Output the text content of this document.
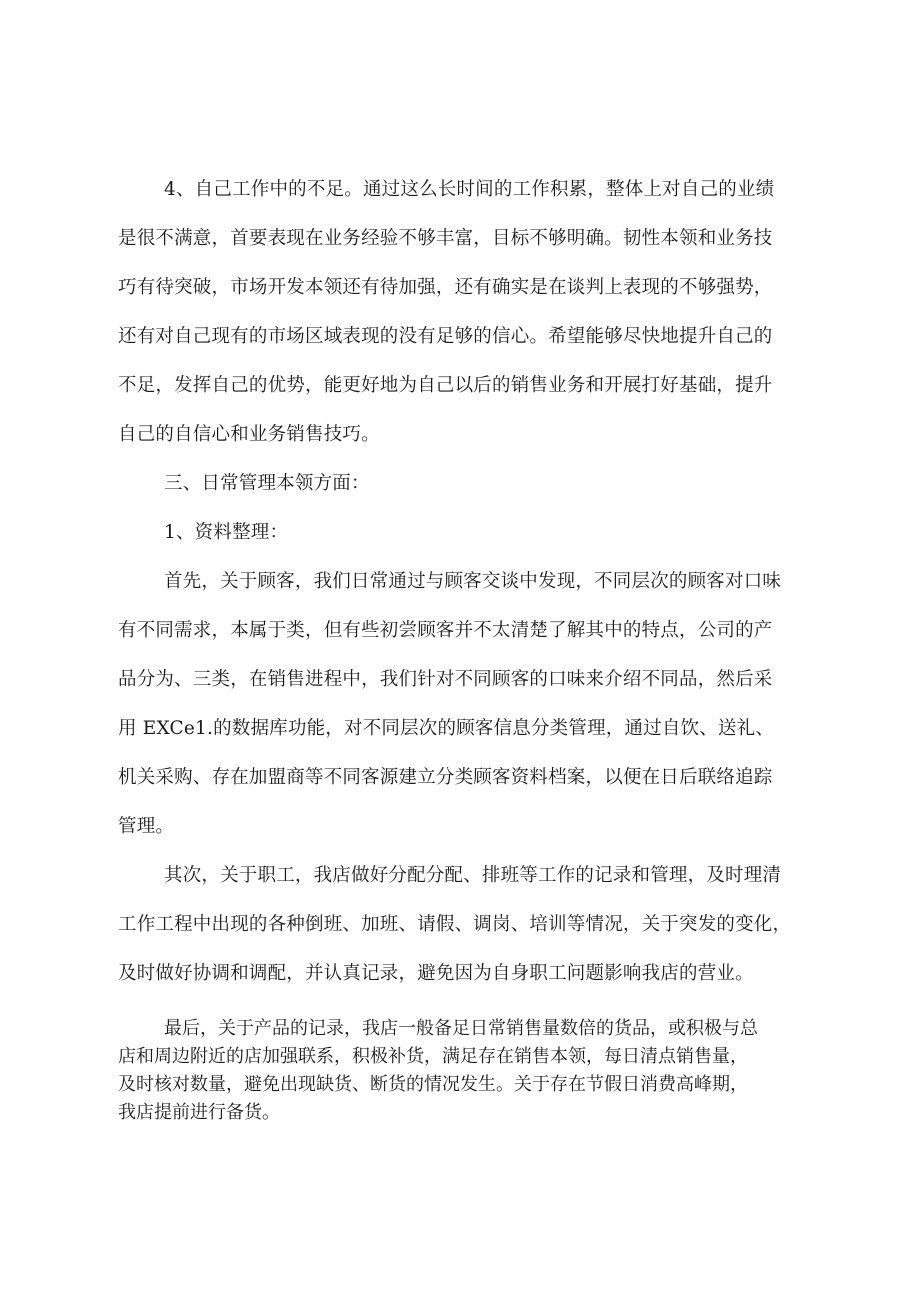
4、自己工作中的不足。通过这么长时间的工作积累，整体上对自己的业绩

是很不满意，首要表现在业务经验不够丰富，目标不够明确。韧性本领和业务技

巧有待突破，市场开发本领还有待加强，还有确实是在谈判上表现的不够强势，

还有对自己现有的市场区域表现的没有足够的信心。希望能够尽快地提升自己的

不足，发挥自己的优势，能更好地为自己以后的销售业务和开展打好基础，提升

自己的自信心和业务销售技巧。

三、日常管理本领方面：

1、资料整理：

首先，关于顾客，我们日常通过与顾客交谈中发现，不同层次的顾客对口味

有不同需求，本属于类，但有些初尝顾客并不太清楚了解其中的特点，公司的产

品分为、三类，在销售进程中，我们针对不同顾客的口味来介绍不同品，然后采

用 EXCe1.的数据库功能，对不同层次的顾客信息分类管理，通过自饮、送礼、

机关采购、存在加盟商等不同客源建立分类顾客资料档案，以便在日后联络追踪

管理。

其次，关于职工，我店做好分配分配、排班等工作的记录和管理，及时理清

工作工程中出现的各种倒班、加班、请假、调岗、培训等情况，关于突发的变化，

及时做好协调和调配，并认真记录，避免因为自身职工问题影响我店的营业。

最后，关于产品的记录，我店一般备足日常销售量数倍的货品，或积极与总

店和周边附近的店加强联系，积极补货，满足存在销售本领，每日清点销售量，

及时核对数量，避免出现缺货、断货的情况发生。关于存在节假日消费高峰期，

我店提前进行备货。
